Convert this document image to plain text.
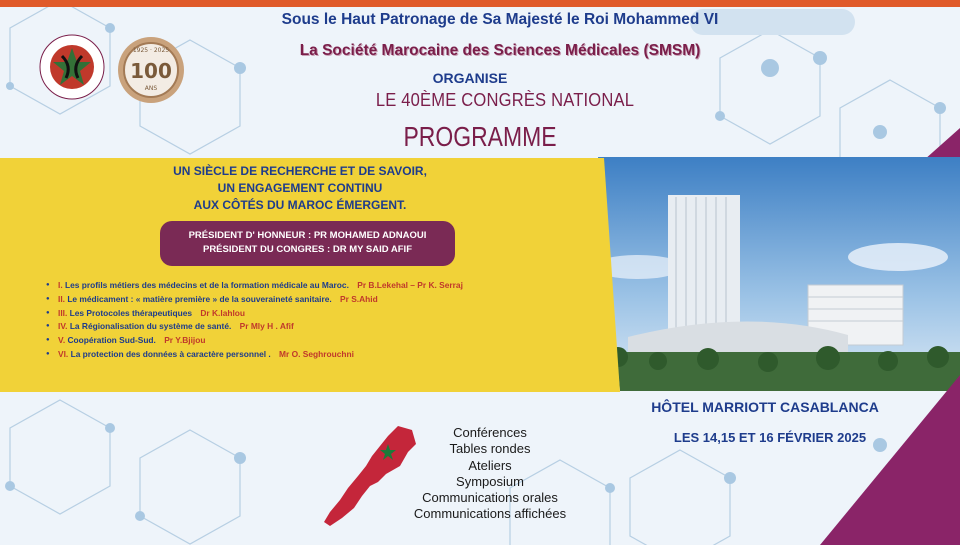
1925 · 2025
100
ANS
Sous le Haut Patronage de Sa Majesté le Roi Mohammed VI
La Société Marocaine des Sciences Médicales (SMSM)
ORGANISE
LE 40ÈME CONGRÈS NATIONAL
PROGRAMME
UN SIÈCLE DE RECHERCHE ET DE SAVOIR,
UN ENGAGEMENT CONTINU
AUX CÔTÉS DU MAROC ÉMERGENT.
PRÉSIDENT D' HONNEUR : PR MOHAMED ADNAOUI
PRÉSIDENT DU CONGRES : DR MY SAID AFIF
● I. Les profils métiers des médecins et de la formation médicale au Maroc. Pr B.Lekehal – Pr K. Serraj
● II. Le médicament : « matière première » de la souveraineté sanitaire. Pr S.Ahid
● III. Les Protocoles thérapeutiques Dr K.lahlou
● IV. La Régionalisation du système de santé. Pr Mly H . Afif
● V. Coopération Sud-Sud. Pr Y.Bjijou
● VI. La protection des données à caractère personnel . Mr O. Seghrouchni
HÔTEL MARRIOTT CASABLANCA
LES 14,15 ET 16 FÉVRIER 2025
Conférences
Tables rondes
Ateliers
Symposium
Communications orales
Communications affichées
